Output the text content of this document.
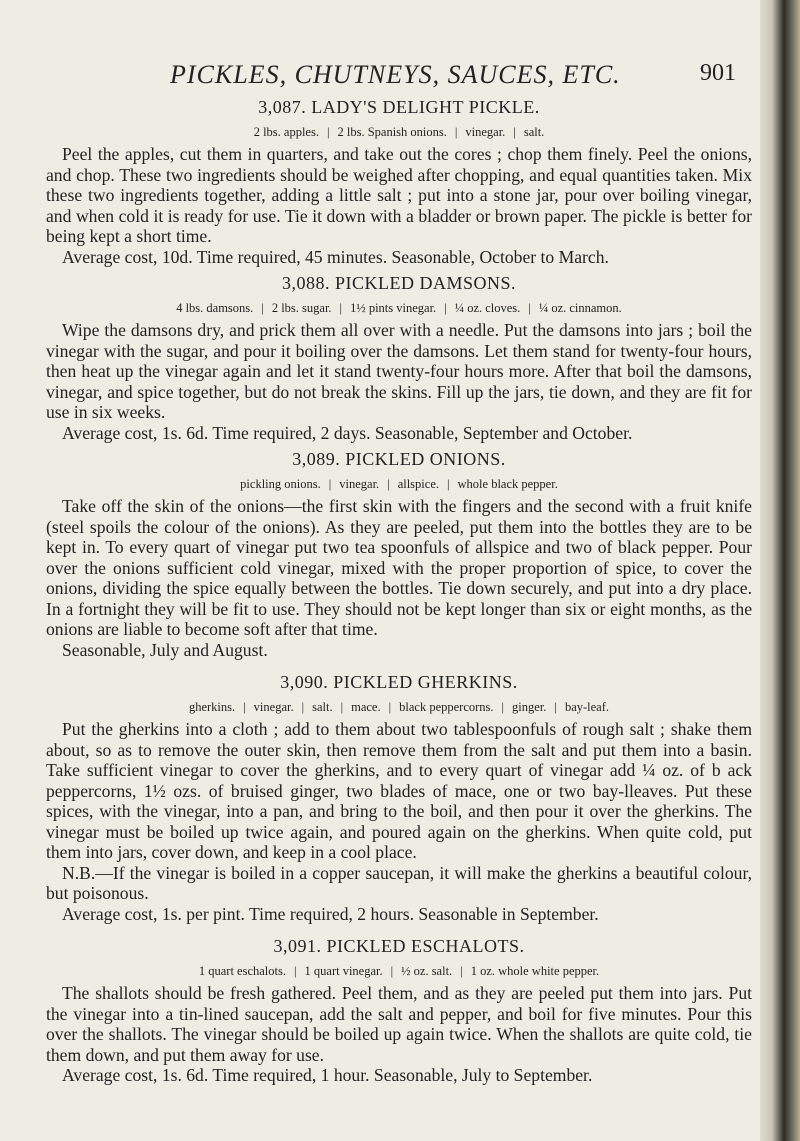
PICKLES, CHUTNEYS, SAUCES, ETC.	901
3,087. LADY'S DELIGHT PICKLE.
2 lbs. apples. | 2 lbs. Spanish onions. | vinegar. | salt.

Peel the apples, cut them in quarters, and take out the cores ; chop them finely. Peel the onions, and chop. These two ingredients should be weighed after chopping, and equal quantities taken. Mix these two ingredients together, adding a little salt ; put into a stone jar, pour over boiling vinegar, and when cold it is ready for use. Tie it down with a bladder or brown paper. The pickle is better for being kept a short time.

Average cost, 10d. Time required, 45 minutes. Seasonable, October to March.

3,088. PICKLED DAMSONS.
4 lbs. damsons. | 2 lbs. sugar. | 1½ pints vinegar. | ¼ oz. cloves. | ¼ oz. cinnamon.

Wipe the damsons dry, and prick them all over with a needle. Put the damsons into jars ; boil the vinegar with the sugar, and pour it boiling over the damsons. Let them stand for twenty-four hours, then heat up the vinegar again and let it stand twenty-four hours more. After that boil the damsons, vinegar, and spice together, but do not break the skins. Fill up the jars, tie down, and they are fit for use in six weeks.

Average cost, 1s. 6d. Time required, 2 days. Seasonable, September and October.

3,089. PICKLED ONIONS.
pickling onions. | vinegar. | allspice. | whole black pepper.

Take off the skin of the onions—the first skin with the fingers and the second with a fruit knife (steel spoils the colour of the onions). As they are peeled, put them into the bottles they are to be kept in. To every quart of vinegar put two tea spoonfuls of allspice and two of black pepper. Pour over the onions sufficient cold vinegar, mixed with the proper proportion of spice, to cover the onions, dividing the spice equally between the bottles. Tie down securely, and put into a dry place. In a fortnight they will be fit to use. They should not be kept longer than six or eight months, as the onions are liable to become soft after that time.

Seasonable, July and August.

3,090. PICKLED GHERKINS.
gherkins. | vinegar. | salt. | mace. | black peppercorns. | ginger. | bay-leaf.

Put the gherkins into a cloth ; add to them about two tablespoonfuls of rough salt ; shake them about, so as to remove the outer skin, then remove them from the salt and put them into a basin. Take sufficient vinegar to cover the gherkins, and to every quart of vinegar add ¼ oz. of b ack peppercorns, 1½ ozs. of bruised ginger, two blades of mace, one or two bay-lleaves. Put these spices, with the vinegar, into a pan, and bring to the boil, and then pour it over the gherkins. The vinegar must be boiled up twice again, and poured again on the gherkins. When quite cold, put them into jars, cover down, and keep in a cool place.

N.B.—If the vinegar is boiled in a copper saucepan, it will make the gherkins a beautiful colour, but poisonous.

Average cost, 1s. per pint. Time required, 2 hours. Seasonable in September.

3,091. PICKLED ESCHALOTS.
1 quart eschalots. | 1 quart vinegar. | ½ oz. salt. | 1 oz. whole white pepper.

The shallots should be fresh gathered. Peel them, and as they are peeled put them into jars. Put the vinegar into a tin-lined saucepan, add the salt and pepper, and boil for five minutes. Pour this over the shallots. The vinegar should be boiled up again twice. When the shallots are quite cold, tie them down, and put them away for use.

Average cost, 1s. 6d. Time required, 1 hour. Seasonable, July to September.
